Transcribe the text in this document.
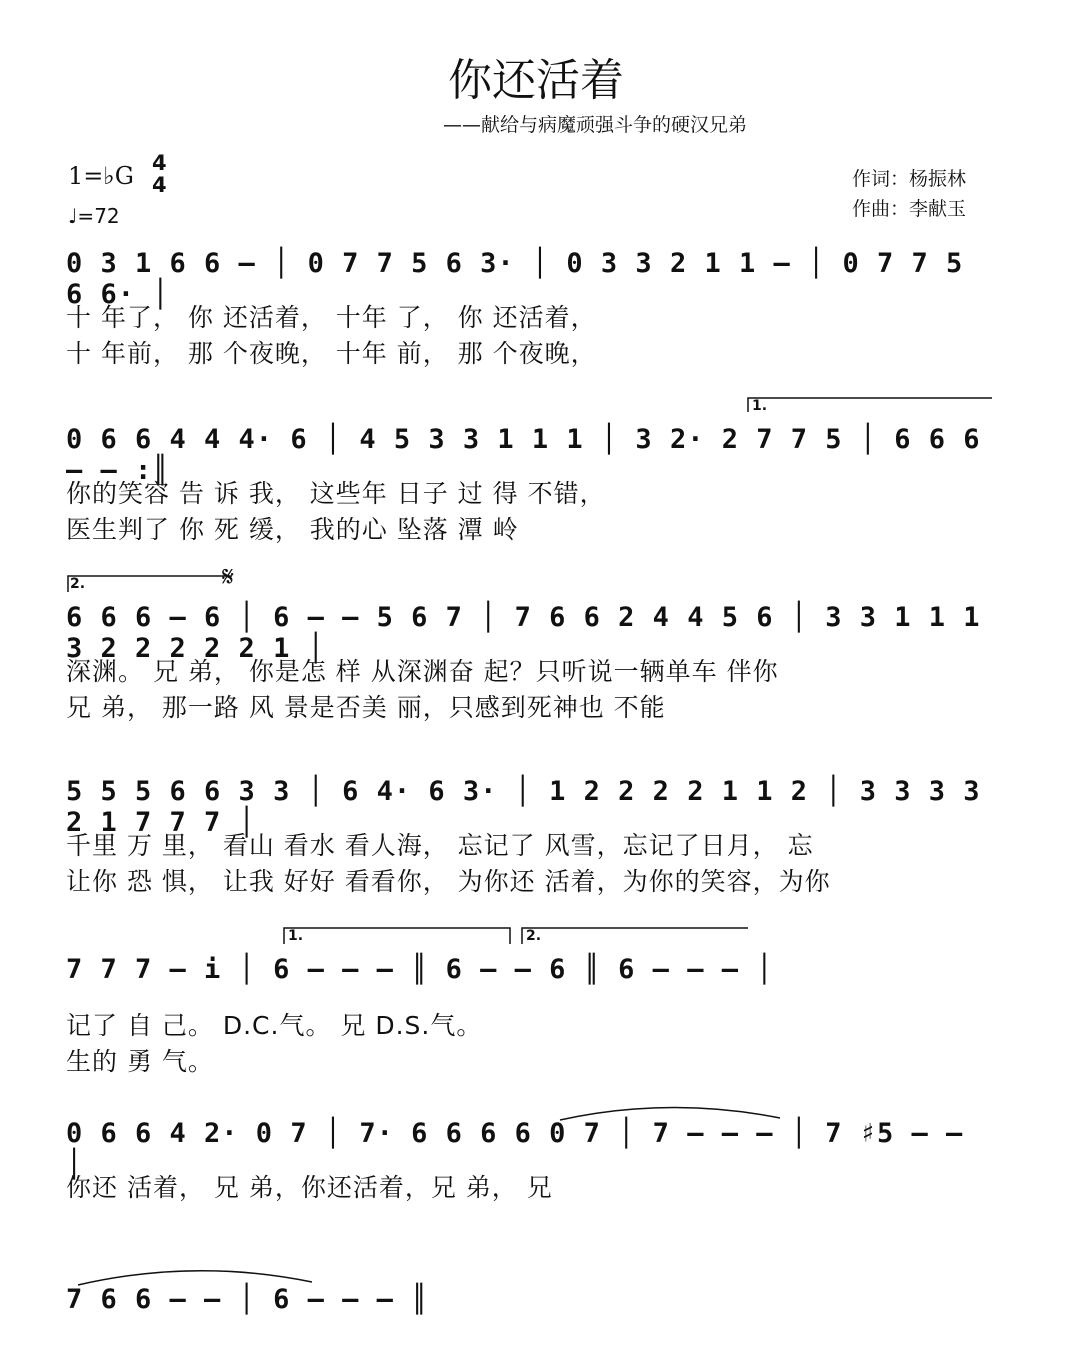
你还活着
——献给与病魔顽强斗争的硬汉兄弟
1=♭G 4
4
♩=72
作词：杨振林
作曲：李献玉
1.
2.
1.	2.
𝄋
0 3 1 6 6 – │ 0 7 7 5 6 3· │ 0 3 3 2 1 1 – │ 0 7 7 5 6 6· │
十 年了， 你 还活着， 十年 了， 你 还活着，
十 年前， 那 个夜晚， 十年 前， 那 个夜晚，
0 6 6 4 4 4· 6 │ 4 5 3 3 1 1 1 │ 3 2· 2 7 7 5 │ 6 6 6 – – :║
你的笑容 告 诉 我， 这些年 日子 过 得 不错，
医生判了 你 死 缓， 我的心 坠落 潭 岭
6 6 6 – 6 │ 6 – – 5 6 7 │ 7 6 6 2 4 4 5 6 │ 3 3 1 1 1 3 2 2 2 2 2 1 │
深渊。 兄 弟， 你是怎 样 从深渊奋 起？只听说一辆单车 伴你
兄 弟， 那一路 风 景是否美 丽，只感到死神也 不能
5 5 5 6 6 3 3 │ 6 4· 6 3· │ 1 2 2 2 2 1 1 2 │ 3 3 3 3 2 1 7 7 7 │
千里 万 里， 看山 看水 看人海， 忘记了 风雪，忘记了日月， 忘
让你 恐 惧， 让我 好好 看看你， 为你还 活着，为你的笑容，为你
7 7 7 – i │ 6 – – – ║ 6 – – 6 ║ 6 – – – │
记了 自 己。 D.C.气。 兄 D.S.气。
生的 勇 气。
0 6 6 4 2· 0 7 │ 7· 6 6 6 6 0 7 │ 7 – – – │ 7 ♯5 – – │
你还 活着， 兄 弟，你还活着，兄 弟， 兄
7 6 6 – – │ 6 – – – ║
